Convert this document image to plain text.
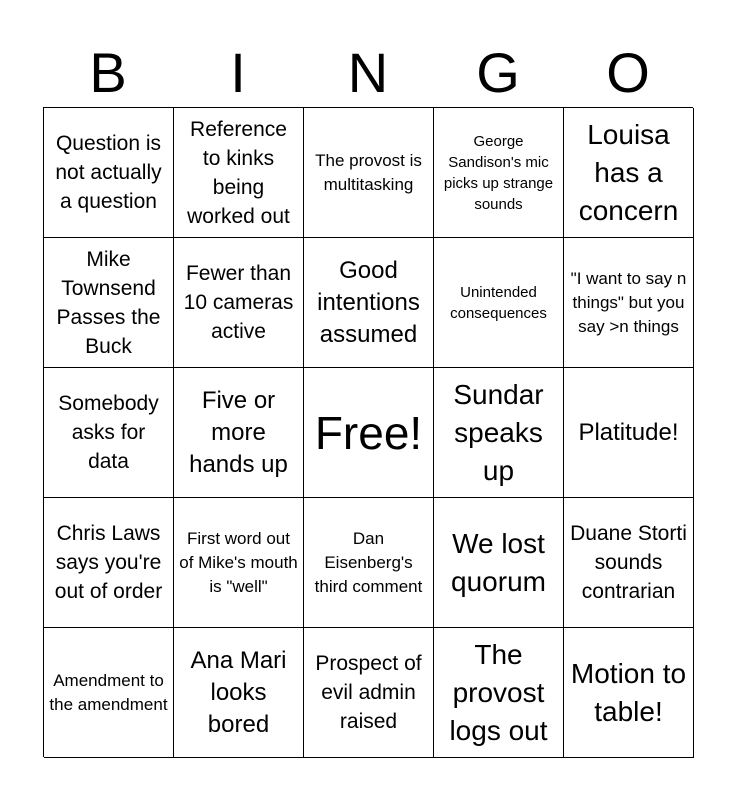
B	I	N	G	O
Question is not actually a question
Reference to kinks being worked out
The provost is multitasking
George Sandison's mic picks up strange sounds
Louisa has a concern
Mike Townsend Passes the Buck
Fewer than 10 cameras active
Good intentions assumed
Unintended consequences
"I want to say n things" but you say >n things
Somebody asks for data
Five or more hands up
Free!
Sundar speaks up
Platitude!
Chris Laws says you're out of order
First word out of Mike's mouth is "well"
Dan Eisenberg's third comment
We lost quorum
Duane Storti sounds contrarian
Amendment to the amendment
Ana Mari looks bored
Prospect of evil admin raised
The provost logs out
Motion to table!
